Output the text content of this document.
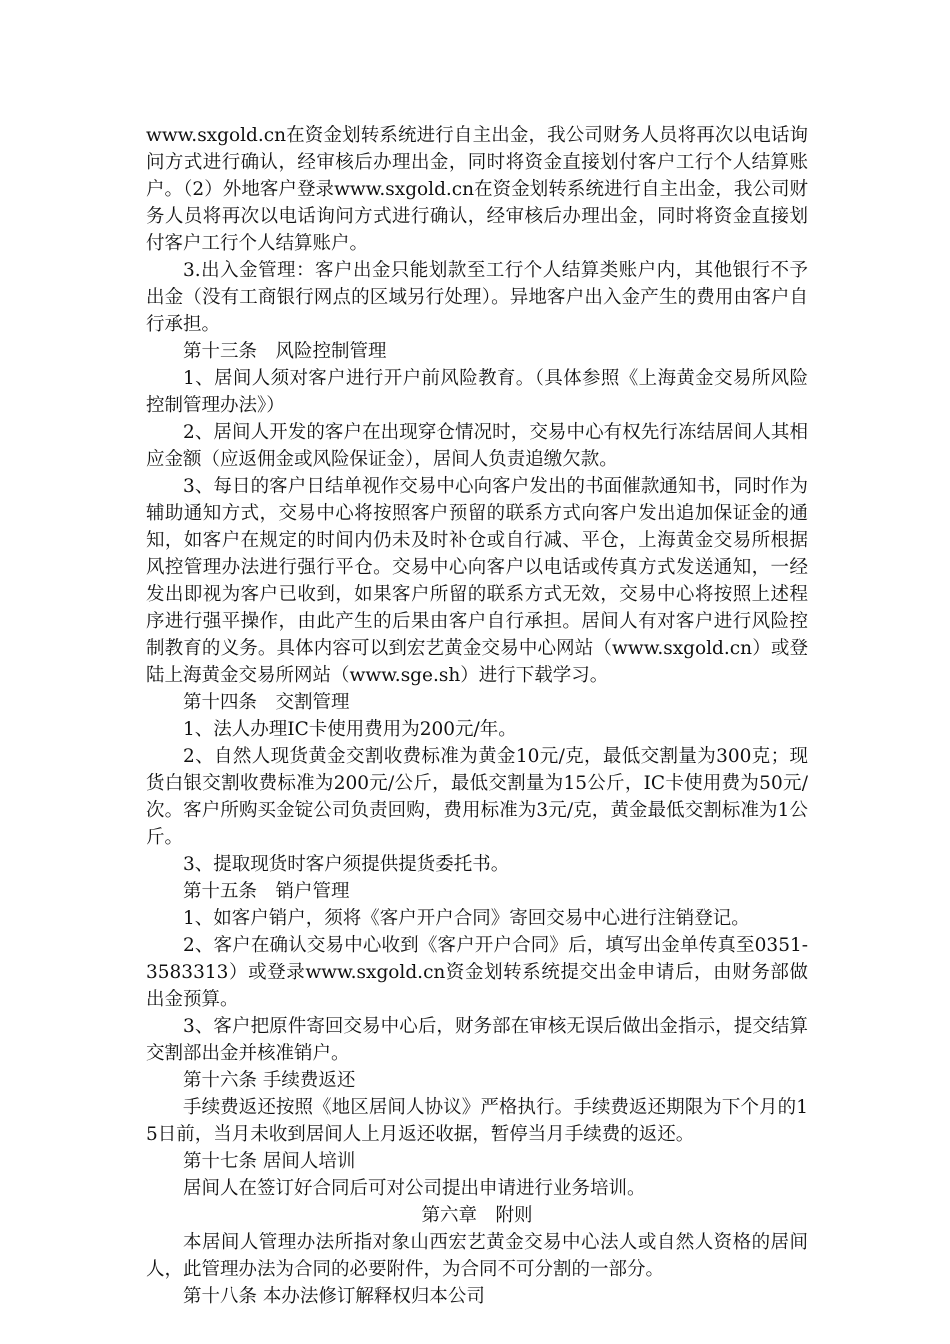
www.sxgold.cn在资金划转系统进行自主出金，我公司财务人员将再次以电话询问方式进行确认，经审核后办理出金，同时将资金直接划付客户工行个人结算账户。（2）外地客户登录www.sxgold.cn在资金划转系统进行自主出金，我公司财务人员将再次以电话询问方式进行确认，经审核后办理出金，同时将资金直接划付客户工行个人结算账户。

3.出入金管理：客户出金只能划款至工行个人结算类账户内，其他银行不予出金（没有工商银行网点的区域另行处理）。异地客户出入金产生的费用由客户自行承担。

第十三条　风险控制管理

1、居间人须对客户进行开户前风险教育。（具体参照《上海黄金交易所风险控制管理办法》）

2、居间人开发的客户在出现穿仓情况时，交易中心有权先行冻结居间人其相应金额（应返佣金或风险保证金），居间人负责追缴欠款。

3、每日的客户日结单视作交易中心向客户发出的书面催款通知书，同时作为辅助通知方式，交易中心将按照客户预留的联系方式向客户发出追加保证金的通知，如客户在规定的时间内仍未及时补仓或自行减、平仓，上海黄金交易所根据风控管理办法进行强行平仓。交易中心向客户以电话或传真方式发送通知，一经发出即视为客户已收到，如果客户所留的联系方式无效，交易中心将按照上述程序进行强平操作，由此产生的后果由客户自行承担。居间人有对客户进行风险控制教育的义务。具体内容可以到宏艺黄金交易中心网站（www.sxgold.cn）或登陆上海黄金交易所网站（www.sge.sh）进行下载学习。

第十四条　交割管理

1、法人办理IC卡使用费用为200元/年。

2、自然人现货黄金交割收费标准为黄金10元/克，最低交割量为300克；现货白银交割收费标准为200元/公斤，最低交割量为15公斤，IC卡使用费为50元/次。客户所购买金锭公司负责回购，费用标准为3元/克，黄金最低交割标准为1公斤。

3、提取现货时客户须提供提货委托书。

第十五条　销户管理

1、如客户销户，须将《客户开户合同》寄回交易中心进行注销登记。

2、客户在确认交易中心收到《客户开户合同》后，填写出金单传真至0351-3583313）或登录www.sxgold.cn资金划转系统提交出金申请后，由财务部做出金预算。

3、客户把原件寄回交易中心后，财务部在审核无误后做出金指示，提交结算交割部出金并核准销户。

第十六条 手续费返还

手续费返还按照《地区居间人协议》严格执行。手续费返还期限为下个月的15日前，当月未收到居间人上月返还收据，暂停当月手续费的返还。

第十七条 居间人培训

居间人在签订好合同后可对公司提出申请进行业务培训。

第六章　附则

本居间人管理办法所指对象山西宏艺黄金交易中心法人或自然人资格的居间人，此管理办法为合同的必要附件，为合同不可分割的一部分。

第十八条 本办法修订解释权归本公司
